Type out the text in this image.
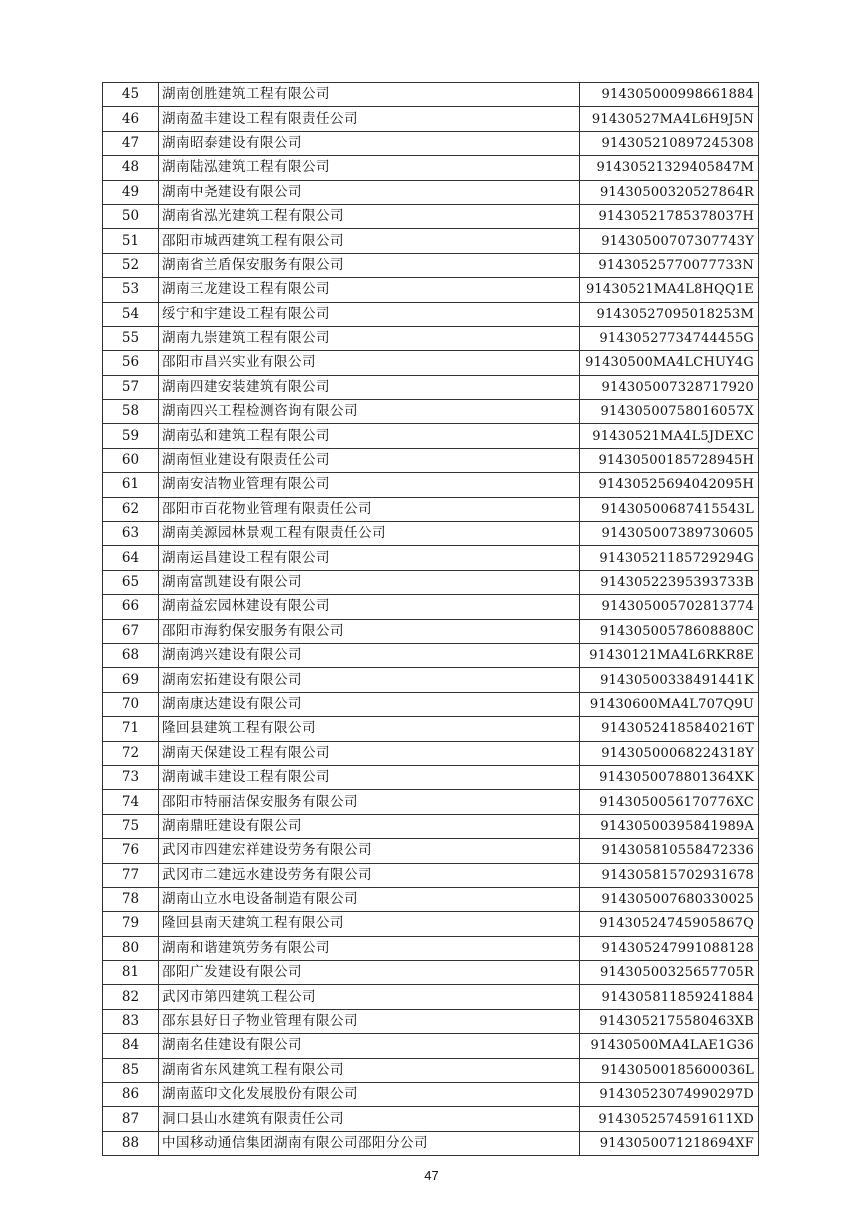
45	湖南创胜建筑工程有限公司	914305000998661884
46	湖南盈丰建设工程有限责任公司	91430527MA4L6H9J5N
47	湖南昭泰建设有限公司	914305210897245308
48	湖南陆泓建筑工程有限公司	91430521329405847M
49	湖南中尧建设有限公司	91430500320527864R
50	湖南省泓光建筑工程有限公司	91430521785378037H
51	邵阳市城西建筑工程有限公司	91430500707307743Y
52	湖南省兰盾保安服务有限公司	91430525770077733N
53	湖南三龙建设工程有限公司	91430521MA4L8HQQ1E
54	绥宁和宇建设工程有限公司	91430527095018253M
55	湖南九崇建筑工程有限公司	91430527734744455G
56	邵阳市昌兴实业有限公司	91430500MA4LCHUY4G
57	湖南四建安装建筑有限公司	914305007328717920
58	湖南四兴工程检测咨询有限公司	91430500758016057X
59	湖南弘和建筑工程有限公司	91430521MA4L5JDEXC
60	湖南恒业建设有限责任公司	91430500185728945H
61	湖南安洁物业管理有限公司	91430525694042095H
62	邵阳市百花物业管理有限责任公司	91430500687415543L
63	湖南美源园林景观工程有限责任公司	914305007389730605
64	湖南运昌建设工程有限公司	91430521185729294G
65	湖南富凯建设有限公司	91430522395393733B
66	湖南益宏园林建设有限公司	914305005702813774
67	邵阳市海豹保安服务有限公司	91430500578608880C
68	湖南鸿兴建设有限公司	91430121MA4L6RKR8E
69	湖南宏拓建设有限公司	91430500338491441K
70	湖南康达建设有限公司	91430600MA4L707Q9U
71	隆回县建筑工程有限公司	91430524185840216T
72	湖南天保建设工程有限公司	91430500068224318Y
73	湖南诚丰建设工程有限公司	9143050078801364XK
74	邵阳市特丽洁保安服务有限公司	9143050056170776XC
75	湖南鼎旺建设有限公司	91430500395841989A
76	武冈市四建宏祥建设劳务有限公司	914305810558472336
77	武冈市二建远水建设劳务有限公司	914305815702931678
78	湖南山立水电设备制造有限公司	914305007680330025
79	隆回县南天建筑工程有限公司	91430524745905867Q
80	湖南和谐建筑劳务有限公司	914305247991088128
81	邵阳广发建设有限公司	91430500325657705R
82	武冈市第四建筑工程公司	914305811859241884
83	邵东县好日子物业管理有限公司	9143052175580463XB
84	湖南名佳建设有限公司	91430500MA4LAE1G36
85	湖南省东风建筑工程有限公司	91430500185600036L
86	湖南蓝印文化发展股份有限公司	91430523074990297D
87	洞口县山水建筑有限责任公司	9143052574591611XD
88	中国移动通信集团湖南有限公司邵阳分公司	9143050071218694XF
47
